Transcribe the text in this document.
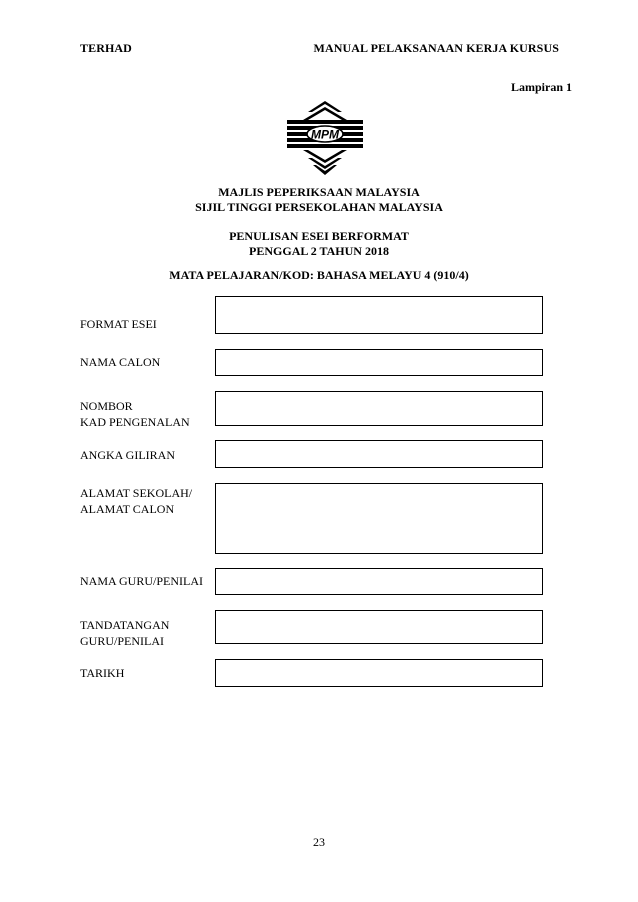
TERHAD	MANUAL PELAKSANAAN KERJA KURSUS
Lampiran 1
MPM
MAJLIS PEPERIKSAAN MALAYSIA
SIJIL TINGGI PERSEKOLAHAN MALAYSIA
PENULISAN ESEI BERFORMAT
PENGGAL 2 TAHUN 2018
MATA PELAJARAN/KOD: BAHASA MELAYU 4 (910/4)
FORMAT ESEI
NAMA CALON
NOMBOR
KAD PENGENALAN
ANGKA GILIRAN
ALAMAT SEKOLAH/
ALAMAT CALON
NAMA GURU/PENILAI
TANDATANGAN
GURU/PENILAI
TARIKH
23
